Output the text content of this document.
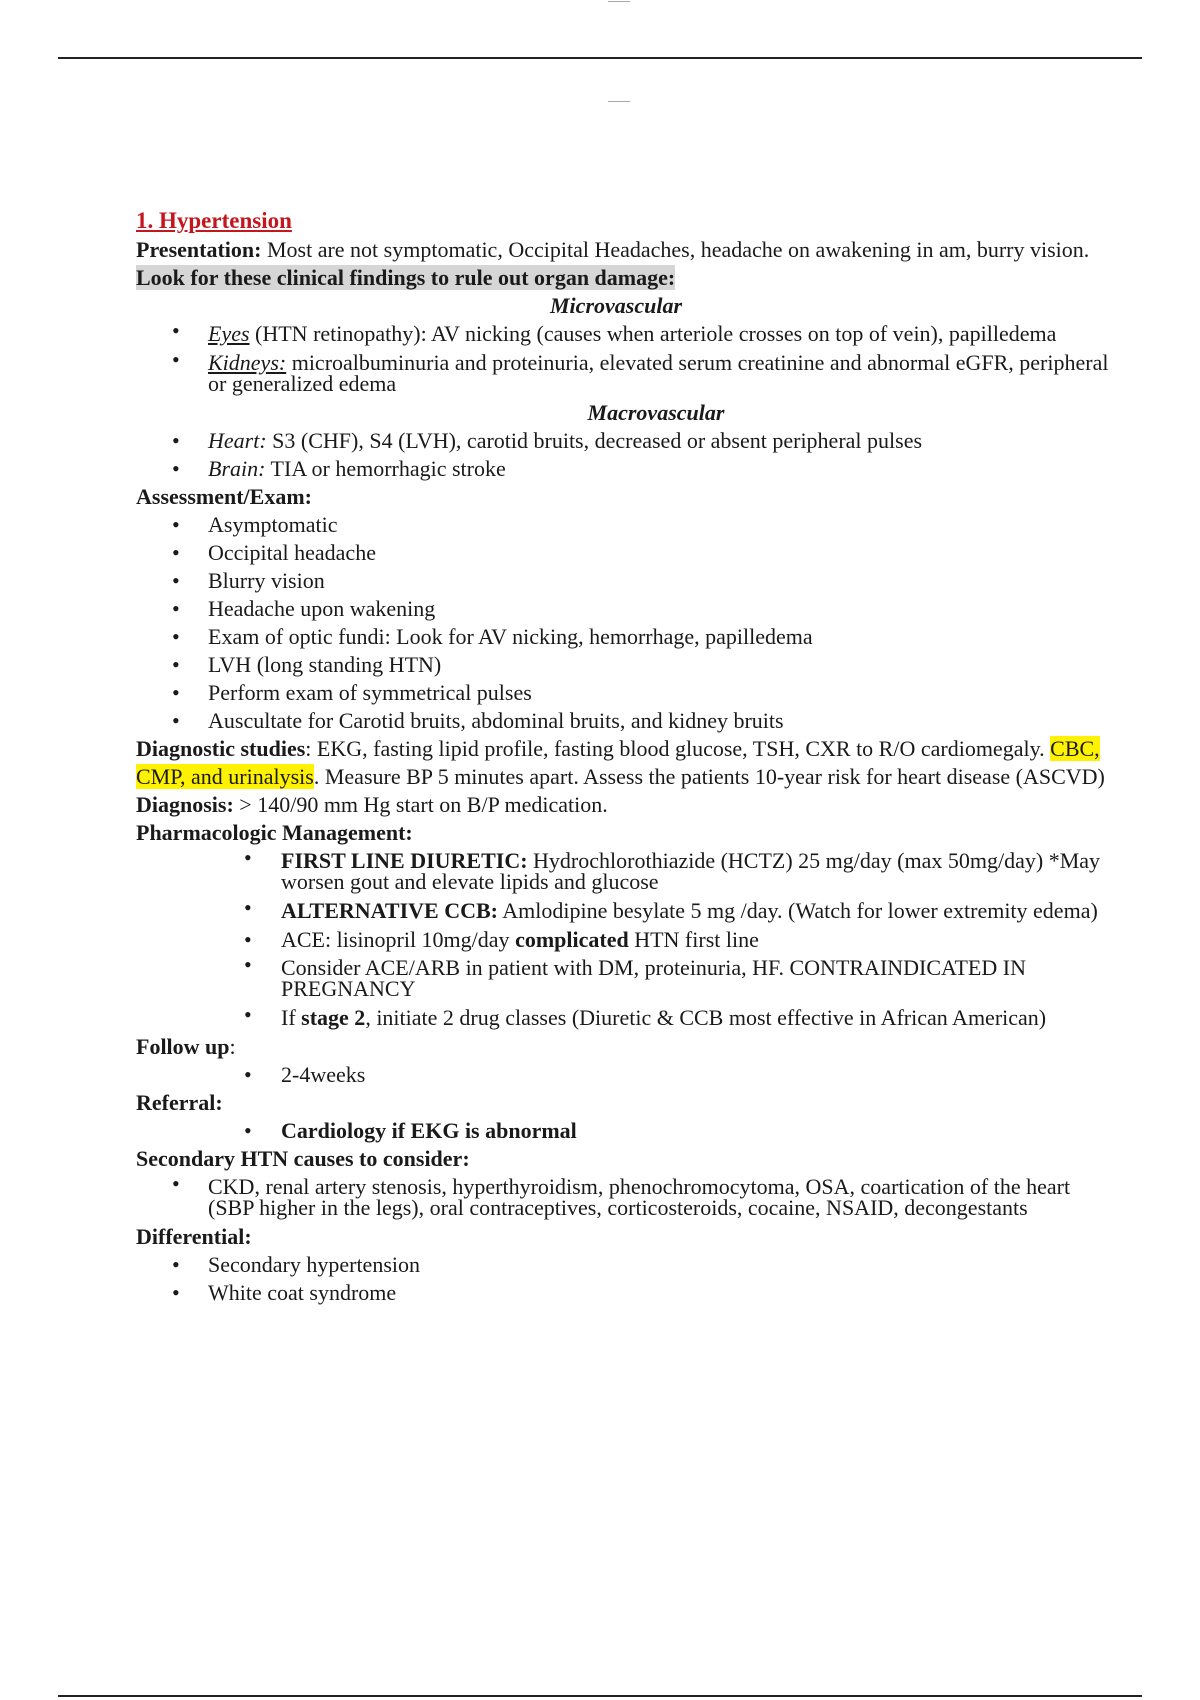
1. Hypertension

Presentation: Most are not symptomatic, Occipital Headaches, headache on awakening in am, burry vision.

Look for these clinical findings to rule out organ damage:
Microvascular
• Eyes (HTN retinopathy): AV nicking (causes when arteriole crosses on top of vein), papilledema
• Kidneys: microalbuminuria and proteinuria, elevated serum creatinine and abnormal eGFR, peripheral or generalized edema
Macrovascular
• Heart: S3 (CHF), S4 (LVH), carotid bruits, decreased or absent peripheral pulses
• Brain: TIA or hemorrhagic stroke
Assessment/Exam:
• Asymptomatic
• Occipital headache
• Blurry vision
• Headache upon wakening
• Exam of optic fundi: Look for AV nicking, hemorrhage, papilledema
• LVH (long standing HTN)
• Perform exam of symmetrical pulses
• Auscultate for Carotid bruits, abdominal bruits, and kidney bruits

Diagnostic studies: EKG, fasting lipid profile, fasting blood glucose, TSH, CXR to R/O cardiomegaly. CBC, CMP, and urinalysis. Measure BP 5 minutes apart. Assess the patients 10-year risk for heart disease (ASCVD)

Diagnosis: > 140/90 mm Hg start on B/P medication.

Pharmacologic Management:
• FIRST LINE DIURETIC: Hydrochlorothiazide (HCTZ) 25 mg/day (max 50mg/day) *May worsen gout and elevate lipids and glucose
• ALTERNATIVE CCB: Amlodipine besylate 5 mg /day. (Watch for lower extremity edema)
• ACE: lisinopril 10mg/day complicated HTN first line
• Consider ACE/ARB in patient with DM, proteinuria, HF. CONTRAINDICATED IN PREGNANCY
• If stage 2, initiate 2 drug classes (Diuretic & CCB most effective in African American)
Follow up:
• 2-4weeks
Referral:
• Cardiology if EKG is abnormal
Secondary HTN causes to consider:
• CKD, renal artery stenosis, hyperthyroidism, phenochromocytoma, OSA, coartication of the heart (SBP higher in the legs), oral contraceptives, corticosteroids, cocaine, NSAID, decongestants
Differential:
• Secondary hypertension
• White coat syndrome
